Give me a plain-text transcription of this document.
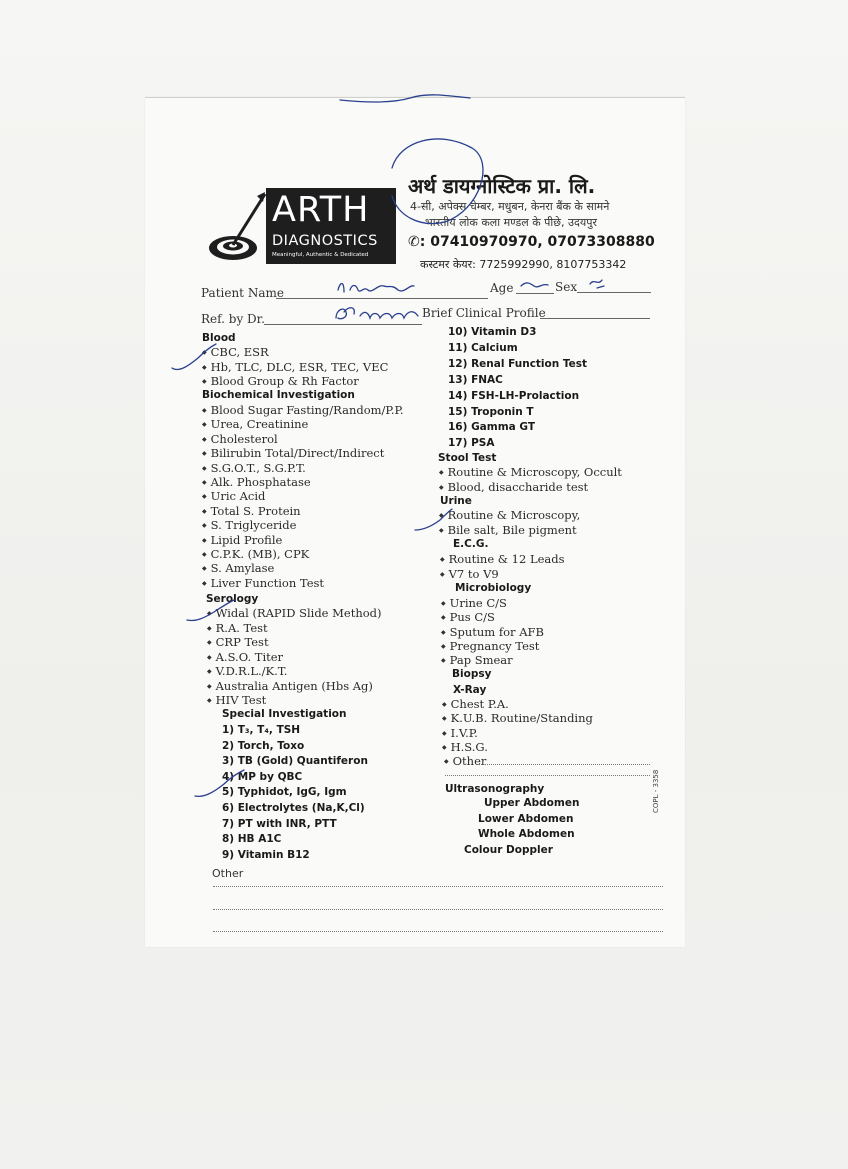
ARTH
DIAGNOSTICS
Meaningful, Authentic & Dedicated
अर्थ डायग्नोस्टिक प्रा. लि.
4-सी, अपेक्स चेम्बर, मधुबन, केनरा बैंक के सामने
भारतीय लोक कला मण्डल के पीछे, उदयपुर
✆: 07410970970, 07073308880
कस्टमर केयर: 7725992990, 8107753342
Patient Name	Age	Sex
Ref. by Dr.	Brief Clinical Profile
Blood
◆ CBC, ESR
◆ Hb, TLC, DLC, ESR, TEC, VEC
◆ Blood Group & Rh Factor
Biochemical Investigation
◆ Blood Sugar Fasting/Random/P.P.
◆ Urea, Creatinine
◆ Cholesterol
◆ Bilirubin Total/Direct/Indirect
◆ S.G.O.T., S.G.P.T.
◆ Alk. Phosphatase
◆ Uric Acid
◆ Total S. Protein
◆ S. Triglyceride
◆ Lipid Profile
◆ C.P.K. (MB), CPK
◆ S. Amylase
◆ Liver Function Test
Serology
◆ Widal (RAPID Slide Method)
◆ R.A. Test
◆ CRP Test
◆ A.S.O. Titer
◆ V.D.R.L./K.T.
◆ Australia Antigen (Hbs Ag)
◆ HIV Test
Special Investigation
1) T₃, T₄, TSH
2) Torch, Toxo
3) TB (Gold) Quantiferon
4) MP by QBC
5) Typhidot, IgG, Igm
6) Electrolytes (Na,K,Cl)
7) PT with INR, PTT
8) HB A1C
9) Vitamin B12
Other
10) Vitamin D3
11) Calcium
12) Renal Function Test
13) FNAC
14) FSH-LH-Prolaction
15) Troponin T
16) Gamma GT
17) PSA
Stool Test
◆ Routine & Microscopy, Occult
◆ Blood, disaccharide test
Urine
◆ Routine & Microscopy,
◆ Bile salt, Bile pigment
E.C.G.
◆ Routine & 12 Leads
◆ V7 to V9
Microbiology
◆ Urine C/S
◆ Pus C/S
◆ Sputum for AFB
◆ Pregnancy Test
◆ Pap Smear
Biopsy
X-Ray
◆ Chest P.A.
◆ K.U.B. Routine/Standing
◆ I.V.P.
◆ H.S.G.
◆ Other
Ultrasonography
Upper Abdomen
Lower Abdomen
Whole Abdomen
Colour Doppler
COPL - 3358
